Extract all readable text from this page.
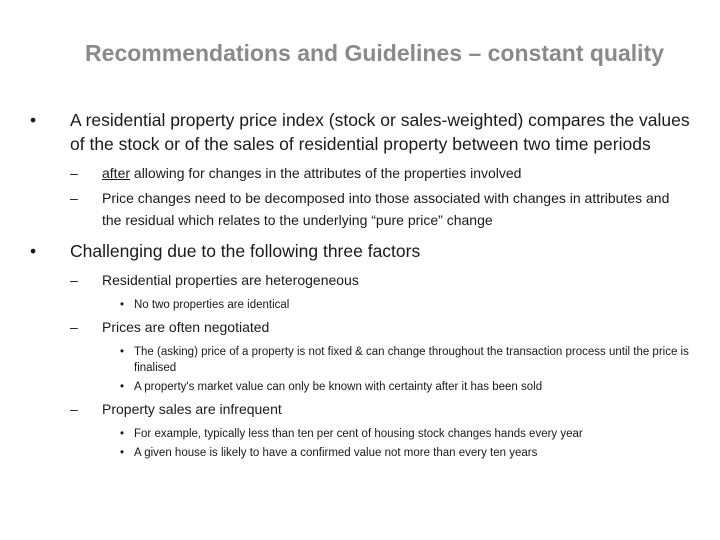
Recommendations and Guidelines – constant quality
• A residential property price index (stock or sales-weighted) compares the values of the stock or of the sales of residential property between two time periods
– after allowing for changes in the attributes of the properties involved
– Price changes need to be decomposed into those associated with changes in attributes and the residual which relates to the underlying “pure price” change
• Challenging due to the following three factors
– Residential properties are heterogeneous
• No two properties are identical
– Prices are often negotiated
• The (asking) price of a property is not fixed & can change throughout the transaction process until the price is finalised
• A property's market value can only be known with certainty after it has been sold
– Property sales are infrequent
• For example, typically less than ten per cent of housing stock changes hands every year
• A given house is likely to have a confirmed value not more than every ten years
